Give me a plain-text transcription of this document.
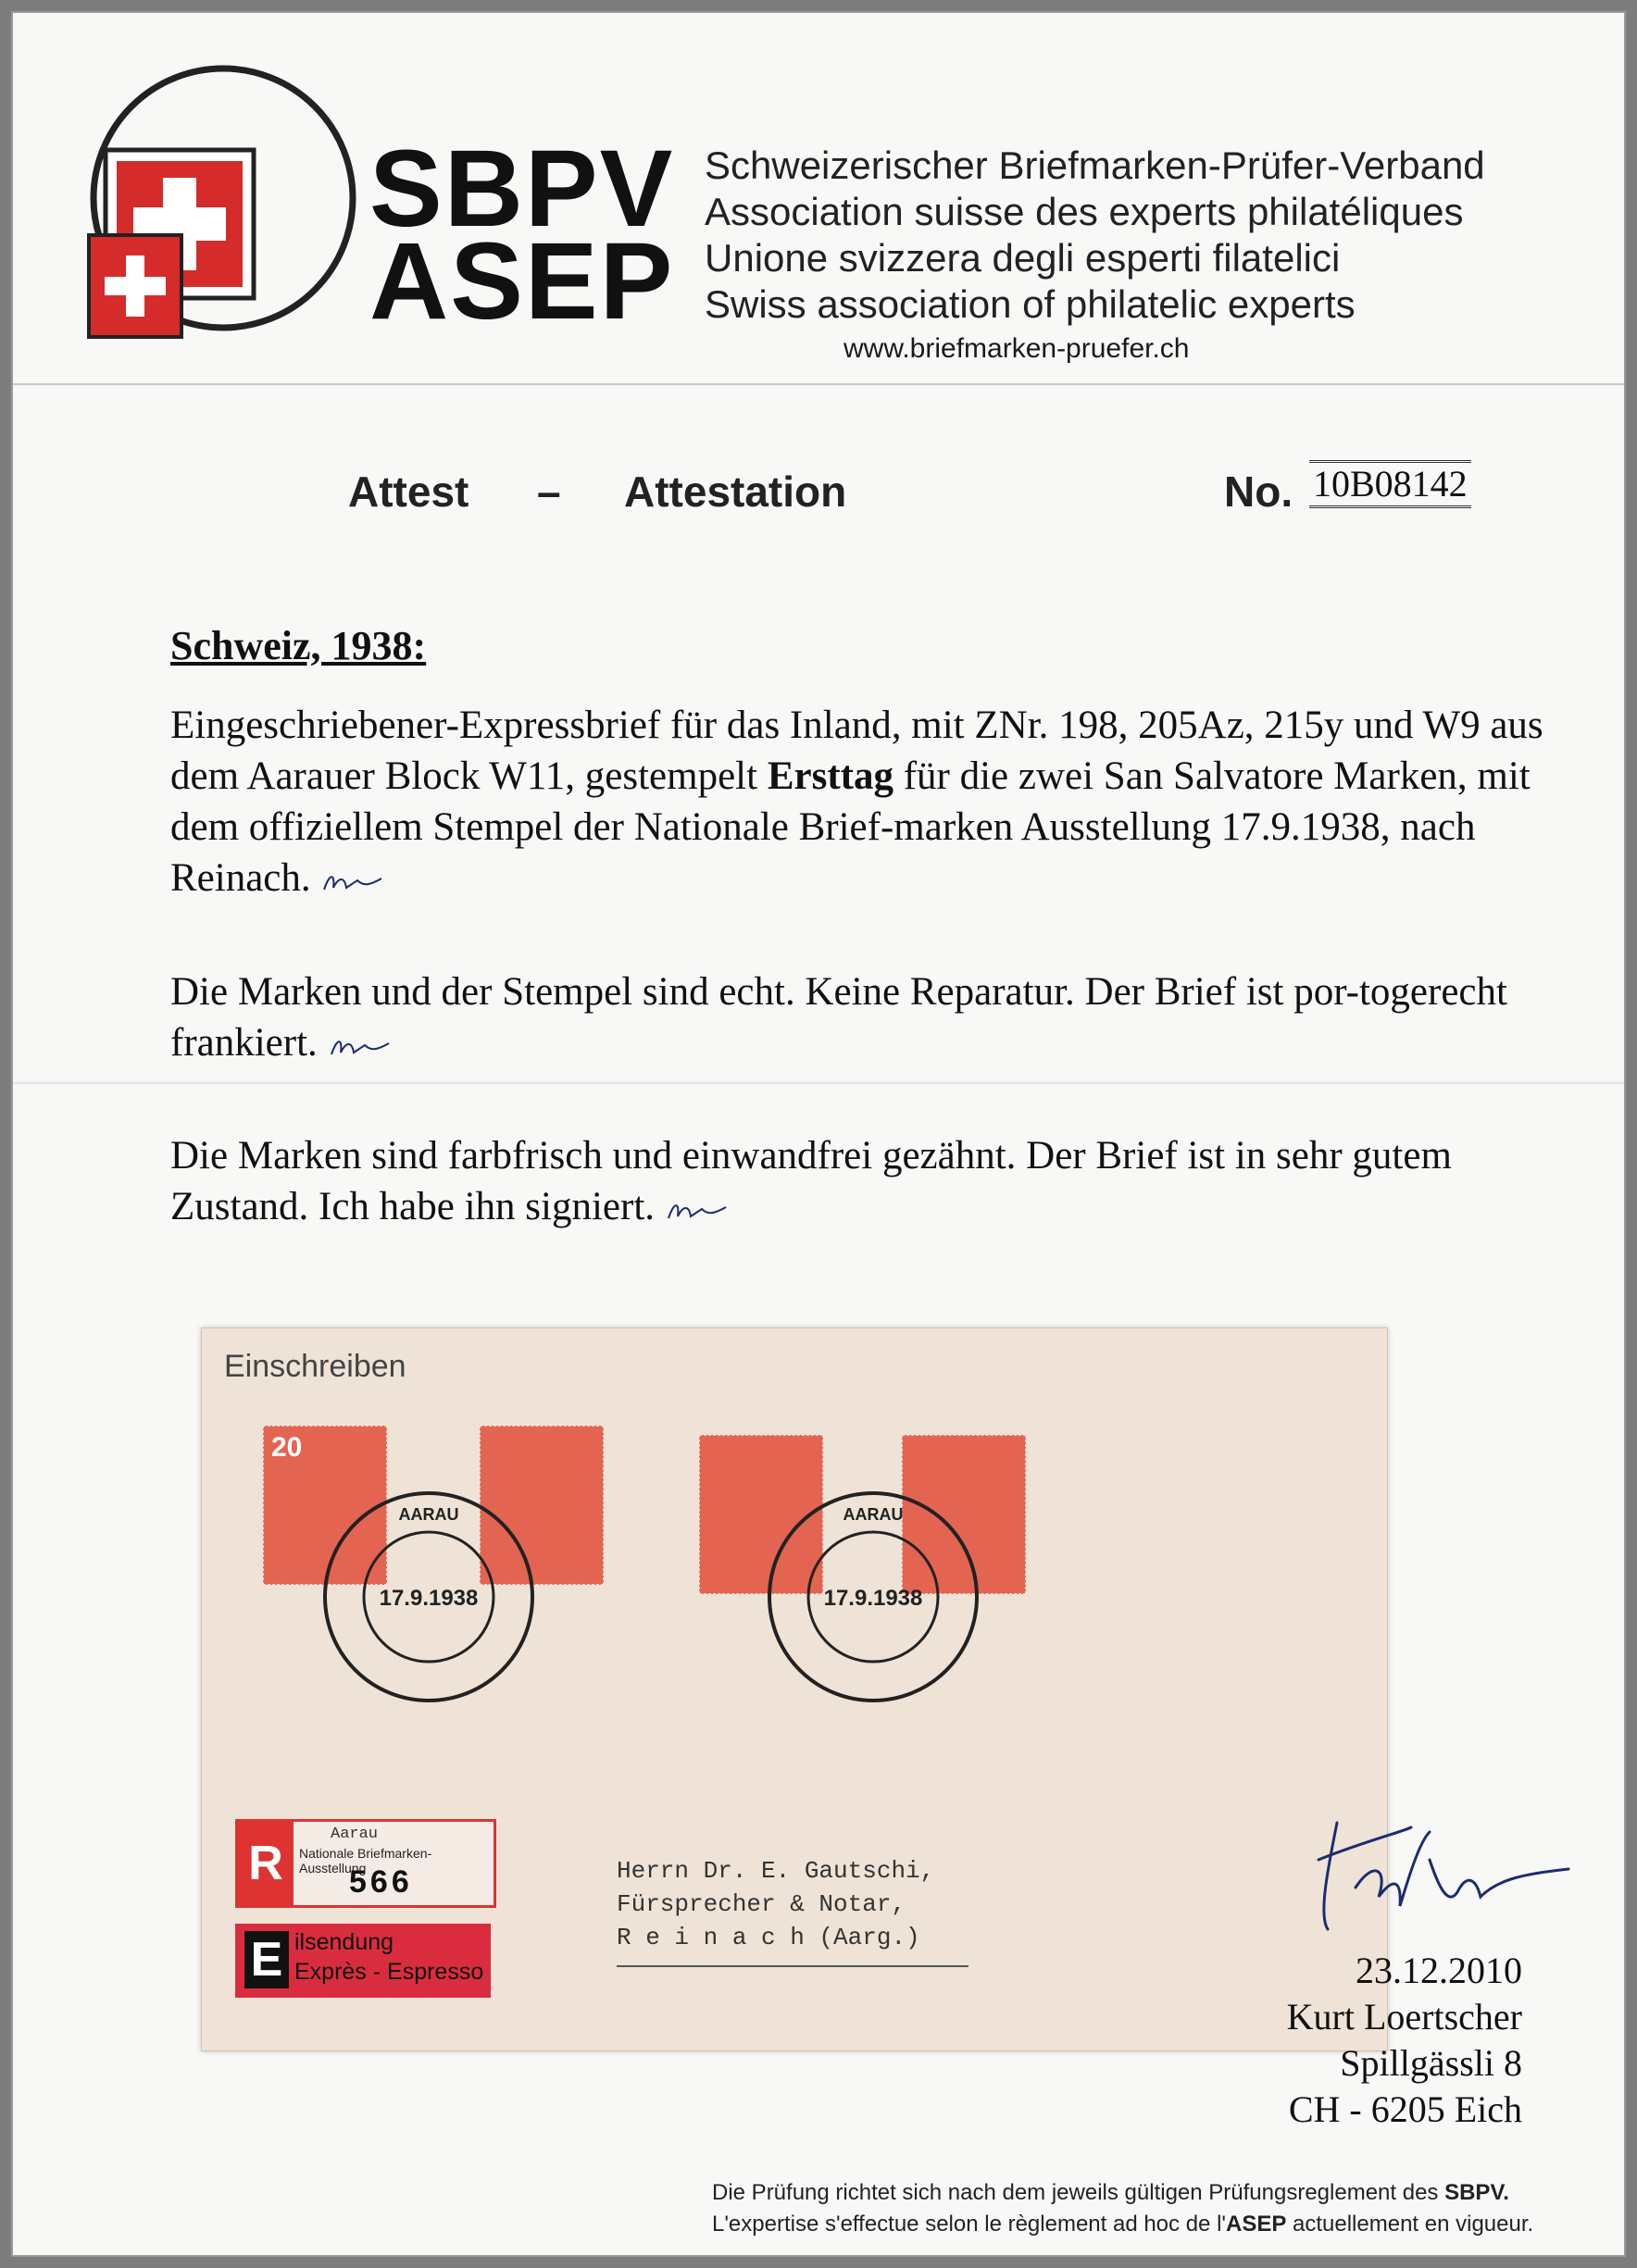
SBPV
ASEP
Schweizerischer Briefmarken-Prüfer-Verband
Association suisse des experts philatéliques
Unione svizzera degli esperti filatelici
Swiss association of philatelic experts
www.briefmarken-pruefer.ch
Attest – Attestation	No. 10B08142
Schweiz, 1938:
Eingeschriebener-Expressbrief für das Inland, mit ZNr. 198, 205Az, 215y und W9 aus dem Aarauer Block W11, gestempelt Ersttag für die zwei San Salvatore Marken, mit dem offiziellem Stempel der Nationale Brief-marken Ausstellung 17.9.1938, nach Reinach.
Die Marken und der Stempel sind echt. Keine Reparatur. Der Brief ist por-togerecht frankiert.
Die Marken sind farbfrisch und einwandfrei gezähnt. Der Brief ist in sehr gutem Zustand. Ich habe ihn signiert.
Einschreiben
20
17.9.1938
AARAU
17.9.1938
AARAU
R
Aarau
Nationale Briefmarken-Ausstellung
566
E ilsendung
Exprès - Espresso
Herrn Dr. E. Gautschi,
Fürsprecher & Notar,
R e i n a c h (Aarg.)
23.12.2010
Kurt Loertscher
Spillgässli 8
CH - 6205 Eich
Die Prüfung richtet sich nach dem jeweils gültigen Prüfungsreglement des SBPV.
L'expertise s'effectue selon le règlement ad hoc de l'ASEP actuellement en vigueur.
